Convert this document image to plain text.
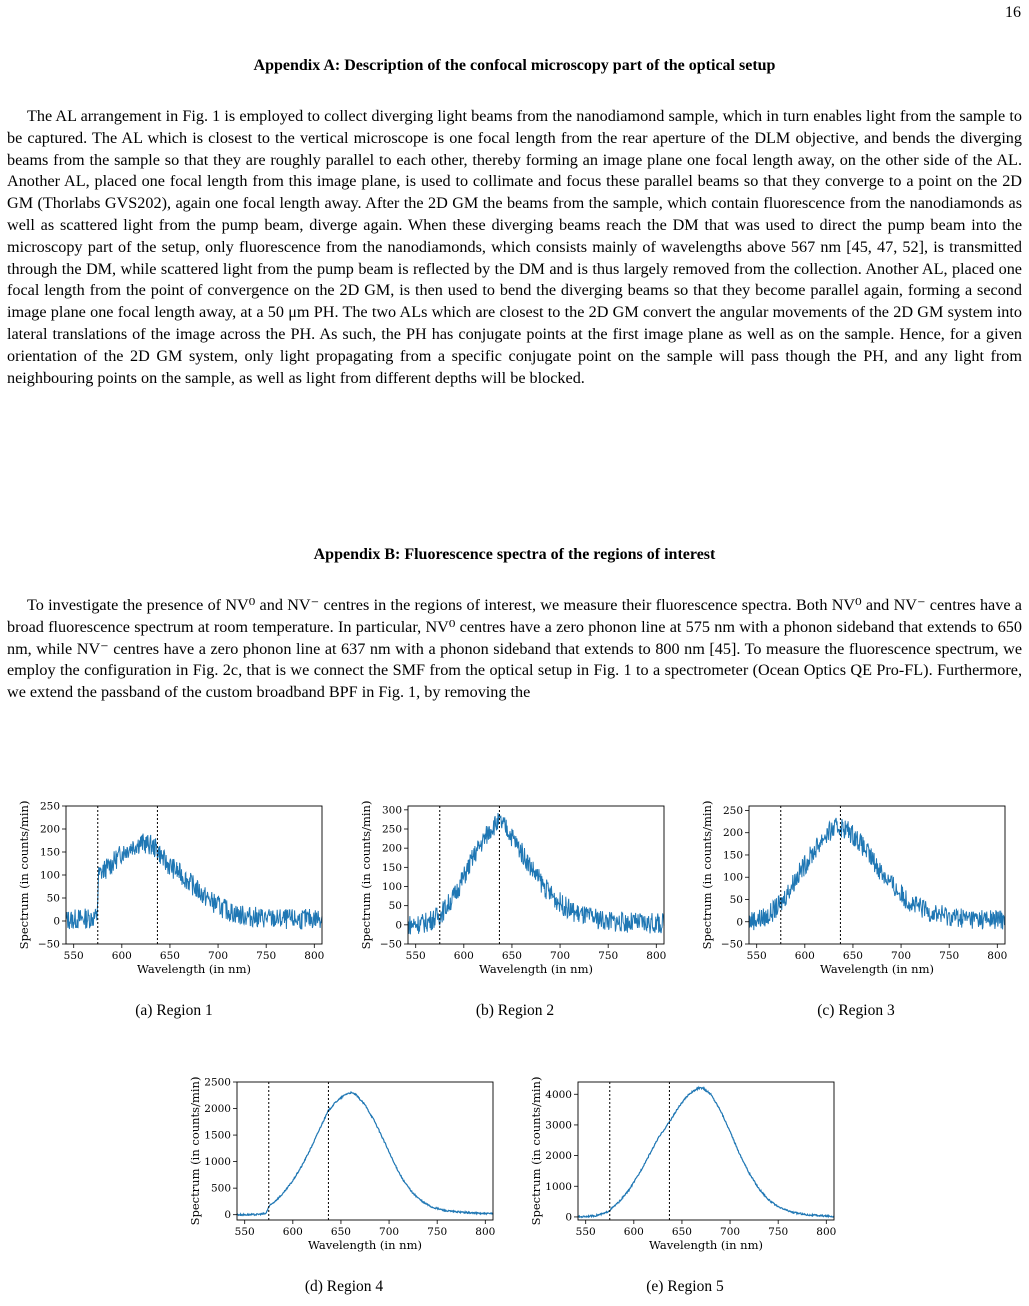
16
Appendix A: Description of the confocal microscopy part of the optical setup

The AL arrangement in Fig. 1 is employed to collect diverging light beams from the nanodiamond sample, which in turn enables light from the sample to be captured. The AL which is closest to the vertical microscope is one focal length from the rear aperture of the DLM objective, and bends the diverging beams from the sample so that they are roughly parallel to each other, thereby forming an image plane one focal length away, on the other side of the AL. Another AL, placed one focal length from this image plane, is used to collimate and focus these parallel beams so that they converge to a point on the 2D GM (Thorlabs GVS202), again one focal length away. After the 2D GM the beams from the sample, which contain fluorescence from the nanodiamonds as well as scattered light from the pump beam, diverge again. When these diverging beams reach the DM that was used to direct the pump beam into the microscopy part of the setup, only fluorescence from the nanodiamonds, which consists mainly of wavelengths above 567 nm [45, 47, 52], is transmitted through the DM, while scattered light from the pump beam is reflected by the DM and is thus largely removed from the collection. Another AL, placed one focal length from the point of convergence on the 2D GM, is then used to bend the diverging beams so that they become parallel again, forming a second image plane one focal length away, at a 50 μm PH. The two ALs which are closest to the 2D GM convert the angular movements of the 2D GM system into lateral translations of the image across the PH. As such, the PH has conjugate points at the first image plane as well as on the sample. Hence, for a given orientation of the 2D GM system, only light propagating from a specific conjugate point on the sample will pass though the PH, and any light from neighbouring points on the sample, as well as light from different depths will be blocked.

Appendix B: Fluorescence spectra of the regions of interest

To investigate the presence of NV⁰ and NV⁻ centres in the regions of interest, we measure their fluorescence spectra. Both NV⁰ and NV⁻ centres have a broad fluorescence spectrum at room temperature. In particular, NV⁰ centres have a zero phonon line at 575 nm with a phonon sideband that extends to 650 nm, while NV⁻ centres have a zero phonon line at 637 nm with a phonon sideband that extends to 800 nm [45]. To measure the fluorescence spectrum, we employ the configuration in Fig. 2c, that is we connect the SMF from the optical setup in Fig. 1 to a spectrometer (Ocean Optics QE Pro-FL). Furthermore, we extend the passband of the custom broadband BPF in Fig. 1, by removing the

550	600	650	700	750	800
−50
0
50
100
150
200
250
Wavelength (in nm)
Spectrum (in counts/min)
(a) Region 1
550	600	650	700	750	800
−50
0
50
100
150
200
250
300
Wavelength (in nm)
Spectrum (in counts/min)
(b) Region 2
550	600	650	700	750	800
−50
0
50
100
150
200
250
Wavelength (in nm)
Spectrum (in counts/min)
(c) Region 3
550	600	650	700	750	800
0
500
1000
1500
2000
2500
Wavelength (in nm)
Spectrum (in counts/min)
(d) Region 4
550	600	650	700	750	800
0
1000
2000
3000
4000
Wavelength (in nm)
Spectrum (in counts/min)
(e) Region 5
